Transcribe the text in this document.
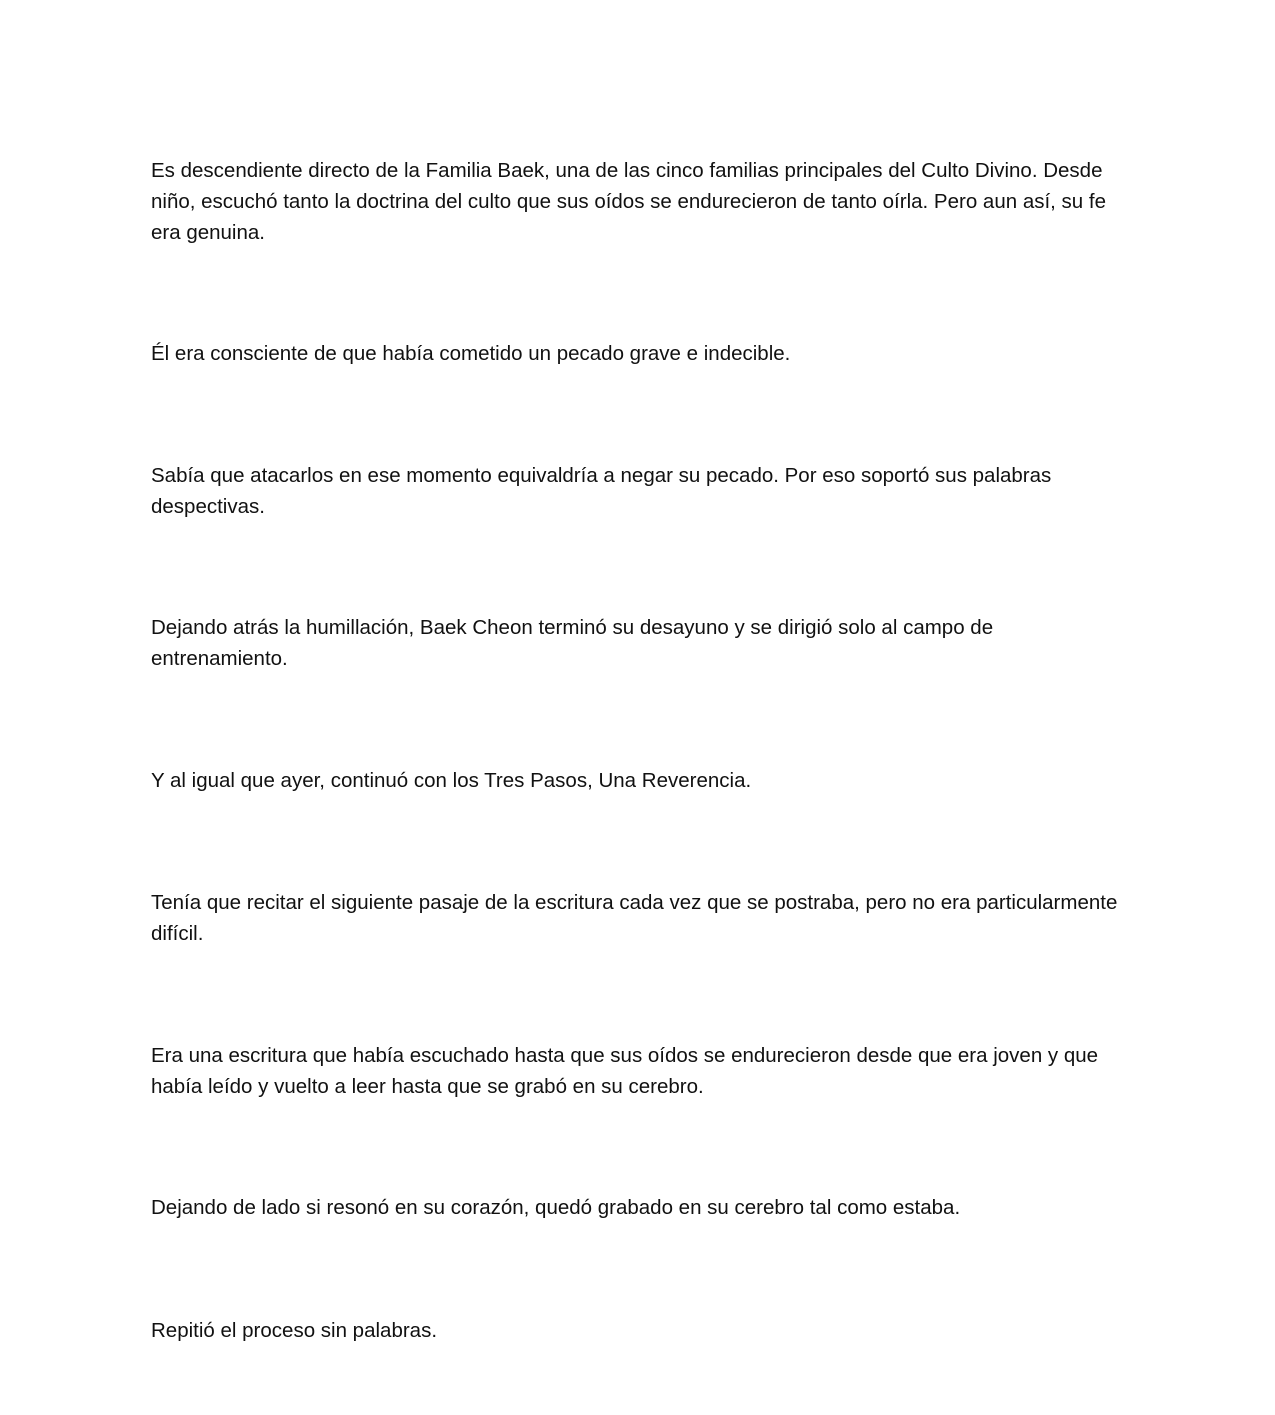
Es descendiente directo de la Familia Baek, una de las cinco familias principales del Culto Divino. Desde niño, escuchó tanto la doctrina del culto que sus oídos se endurecieron de tanto oírla. Pero aun así, su fe era genuina.

Él era consciente de que había cometido un pecado grave e indecible.

Sabía que atacarlos en ese momento equivaldría a negar su pecado. Por eso soportó sus palabras despectivas.

Dejando atrás la humillación, Baek Cheon terminó su desayuno y se dirigió solo al campo de entrenamiento.

Y al igual que ayer, continuó con los Tres Pasos, Una Reverencia.

Tenía que recitar el siguiente pasaje de la escritura cada vez que se postraba, pero no era particularmente difícil.

Era una escritura que había escuchado hasta que sus oídos se endurecieron desde que era joven y que había leído y vuelto a leer hasta que se grabó en su cerebro.

Dejando de lado si resonó en su corazón, quedó grabado en su cerebro tal como estaba.

Repitió el proceso sin palabras.
